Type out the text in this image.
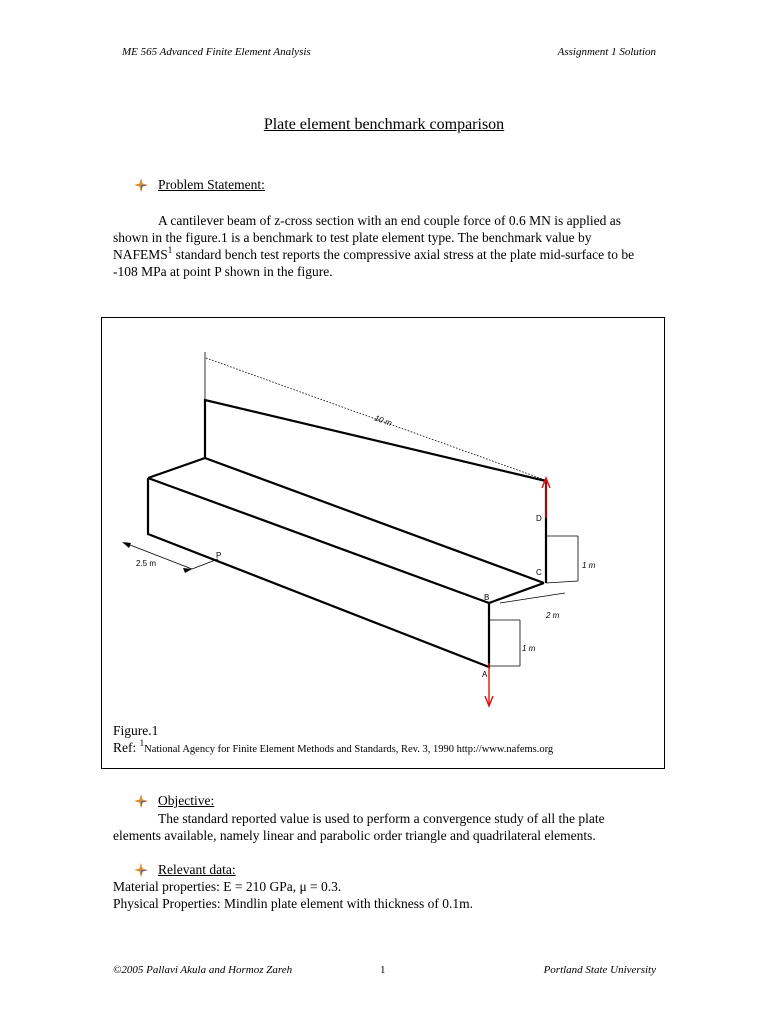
ME 565 Advanced Finite Element Analysis	Assignment 1 Solution
Plate element benchmark comparison
Problem Statement:
A cantilever beam of z-cross section with an end couple force of 0.6 MN is applied as shown in the figure.1 is a benchmark to test plate element type. The benchmark value by NAFEMS$^1$ standard bench test reports the compressive axial stress at the plate mid-surface to be -108 MPa at point P shown in the figure.
10 m
2.5 m
P
D
C
B
A
1 m
2 m
1 m
Figure.1
Ref: $^1$National Agency for Finite Element Methods and Standards, Rev. 3, 1990 http://www.nafems.org
Objective:
The standard reported value is used to perform a convergence study of all the plate elements available, namely linear and parabolic order triangle and quadrilateral elements.
Relevant data:
Material properties: E = 210 GPa, μ = 0.3.
Physical Properties: Mindlin plate element with thickness of 0.1m.
©2005 Pallavi Akula and Hormoz Zareh	1	Portland State University
